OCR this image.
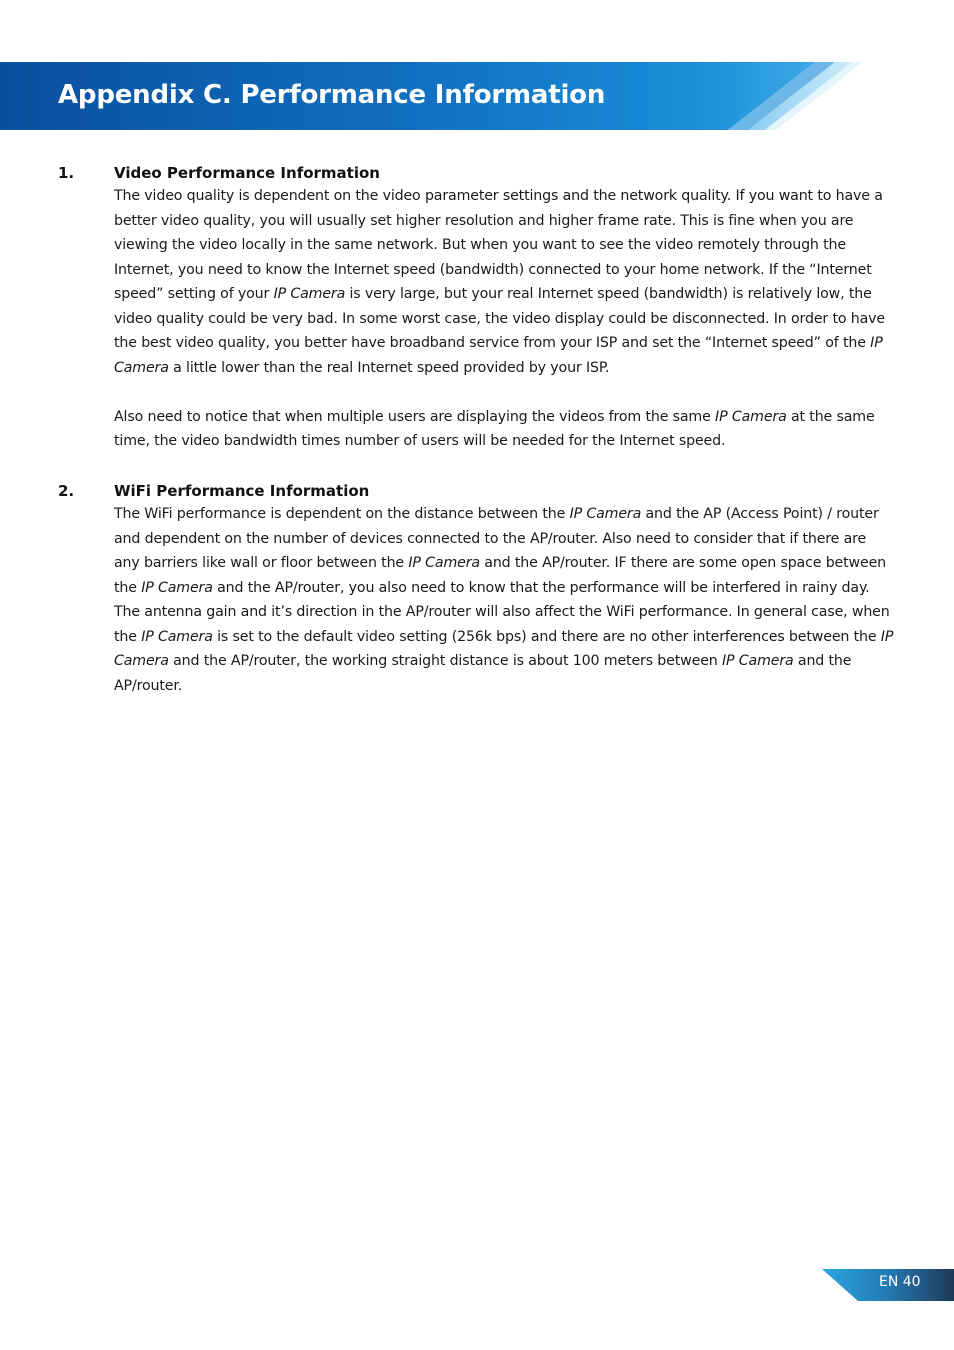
Appendix C. Performance Information
1.	Video Performance Information

The video quality is dependent on the video parameter settings and the network quality. If you want to have a better video quality, you will usually set higher resolution and higher frame rate. This is fine when you are viewing the video locally in the same network. But when you want to see the video remotely through the Internet, you need to know the Internet speed (bandwidth) connected to your home network. If the “Internet speed” setting of your IP Camera is very large, but your real Internet speed (bandwidth) is relatively low, the video quality could be very bad. In some worst case, the video display could be disconnected. In order to have the best video quality, you better have broadband service from your ISP and set the “Internet speed” of the IP Camera a little lower than the real Internet speed provided by your ISP.

Also need to notice that when multiple users are displaying the videos from the same IP Camera at the same time, the video bandwidth times number of users will be needed for the Internet speed.

2.	WiFi Performance Information

The WiFi performance is dependent on the distance between the IP Camera and the AP (Access Point) / router and dependent on the number of devices connected to the AP/router. Also need to consider that if there are any barriers like wall or floor between the IP Camera and the AP/router. IF there are some open space between the IP Camera and the AP/router, you also need to know that the performance will be interfered in rainy day. The antenna gain and it’s direction in the AP/router will also affect the WiFi performance. In general case, when the IP Camera is set to the default video setting (256k bps) and there are no other interferences between the IP Camera and the AP/router, the working straight distance is about 100 meters between IP Camera and the AP/router.

EN 40
